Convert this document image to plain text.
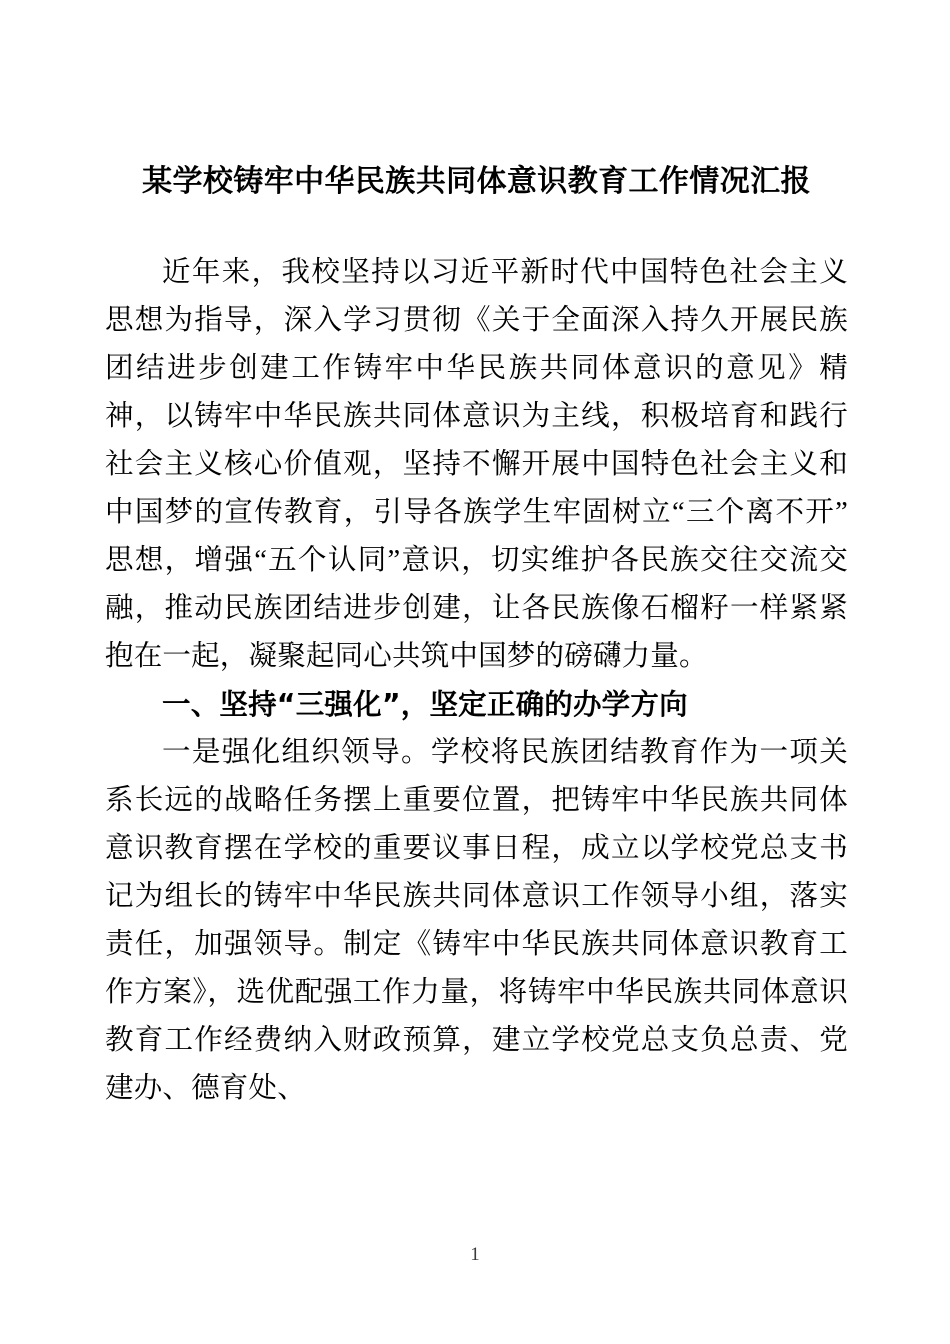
某学校铸牢中华民族共同体意识教育工作情况汇报

近年来，我校坚持以习近平新时代中国特色社会主义思想为指导，深入学习贯彻《关于全面深入持久开展民族团结进步创建工作铸牢中华民族共同体意识的意见》精神，以铸牢中华民族共同体意识为主线，积极培育和践行社会主义核心价值观，坚持不懈开展中国特色社会主义和中国梦的宣传教育，引导各族学生牢固树立“三个离不开”思想，增强“五个认同”意识，切实维护各民族交往交流交融，推动民族团结进步创建，让各民族像石榴籽一样紧紧抱在一起，凝聚起同心共筑中国梦的磅礴力量。

一、坚持“三强化”，坚定正确的办学方向

一是强化组织领导。学校将民族团结教育作为一项关系长远的战略任务摆上重要位置，把铸牢中华民族共同体意识教育摆在学校的重要议事日程，成立以学校党总支书记为组长的铸牢中华民族共同体意识工作领导小组，落实责任，加强领导。制定《铸牢中华民族共同体意识教育工作方案》，选优配强工作力量，将铸牢中华民族共同体意识教育工作经费纳入财政预算，建立学校党总支负总责、党建办、德育处、

1
